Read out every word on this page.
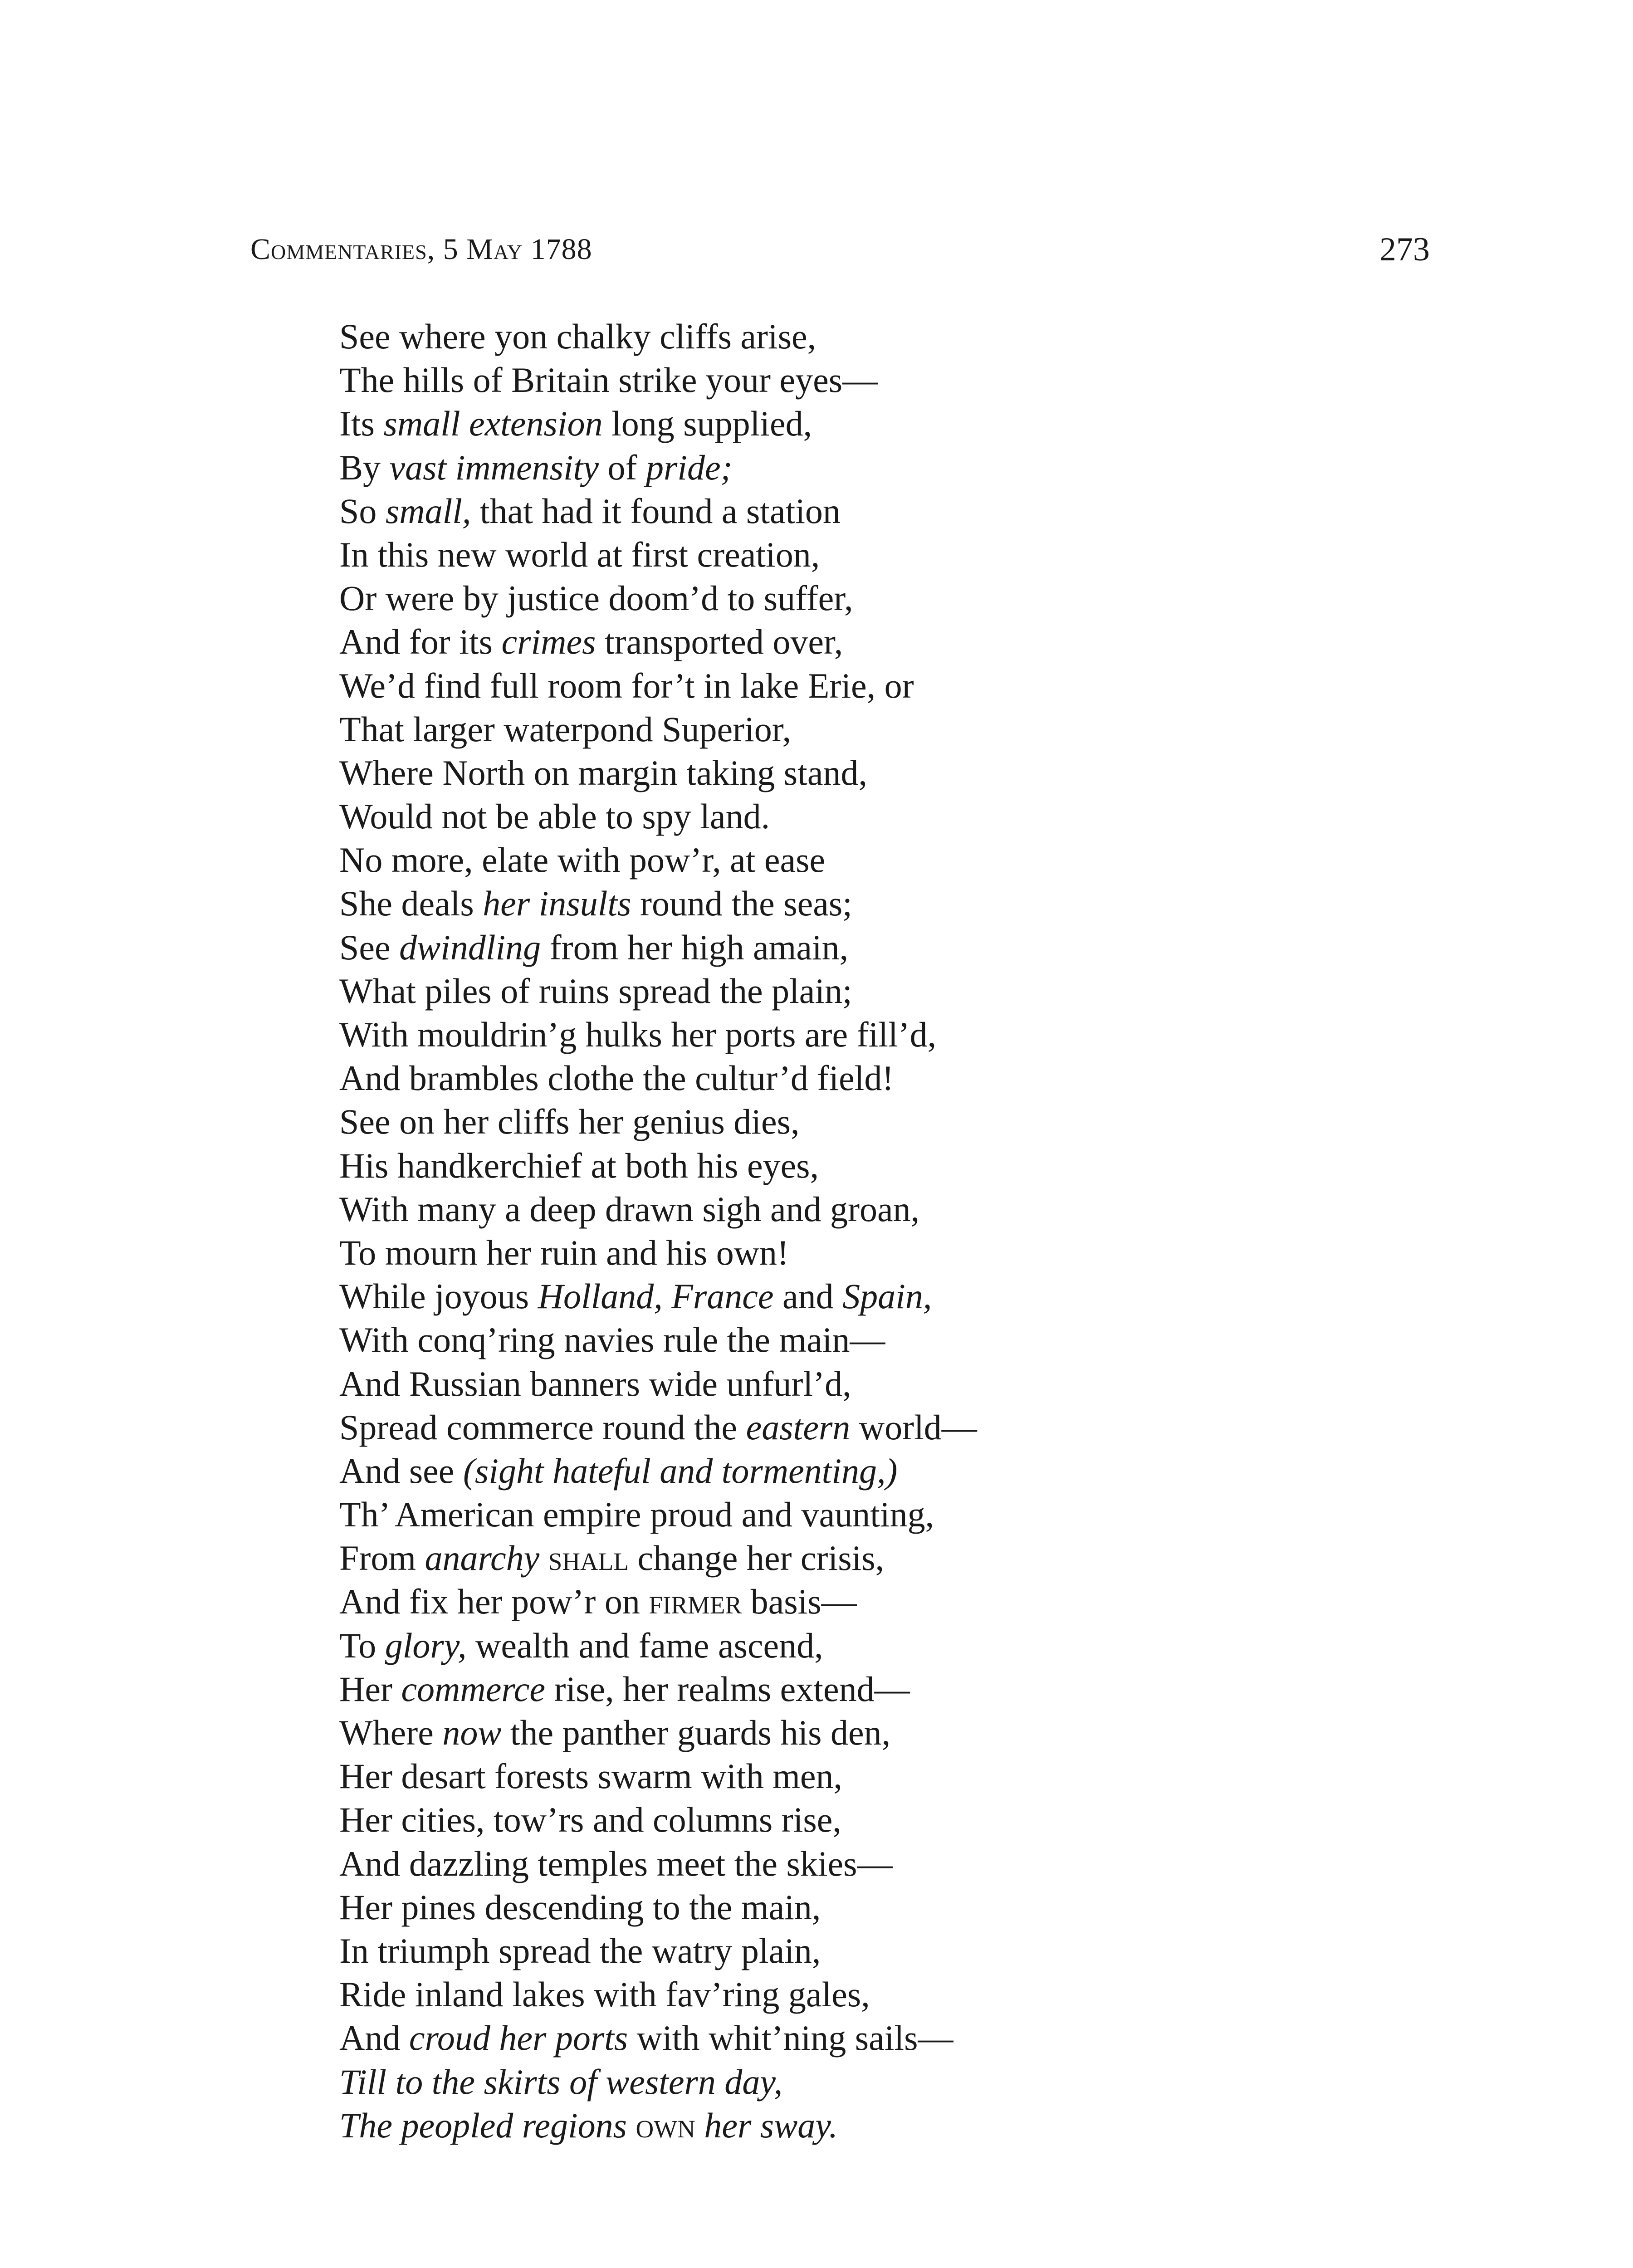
Commentaries, 5 May 1788	273
See where yon chalky cliffs arise,
The hills of Britain strike your eyes—
Its small extension long supplied,
By vast immensity of pride;
So small, that had it found a station
In this new world at first creation,
Or were by justice doom’d to suffer,
And for its crimes transported over,
We’d find full room for’t in lake Erie, or
That larger waterpond Superior,
Where North on margin taking stand,
Would not be able to spy land.
No more, elate with pow’r, at ease
She deals her insults round the seas;
See dwindling from her high amain,
What piles of ruins spread the plain;
With mouldrin’g hulks her ports are fill’d,
And brambles clothe the cultur’d field!
See on her cliffs her genius dies,
His handkerchief at both his eyes,
With many a deep drawn sigh and groan,
To mourn her ruin and his own!
While joyous Holland, France and Spain,
With conq’ring navies rule the main—
And Russian banners wide unfurl’d,
Spread commerce round the eastern world—
And see (sight hateful and tormenting,)
Th’ American empire proud and vaunting,
From anarchy shall change her crisis,
And fix her pow’r on firmer basis—
To glory, wealth and fame ascend,
Her commerce rise, her realms extend—
Where now the panther guards his den,
Her desart forests swarm with men,
Her cities, tow’rs and columns rise,
And dazzling temples meet the skies—
Her pines descending to the main,
In triumph spread the watry plain,
Ride inland lakes with fav’ring gales,
And croud her ports with whit’ning sails—
Till to the skirts of western day,
The peopled regions own her sway.
